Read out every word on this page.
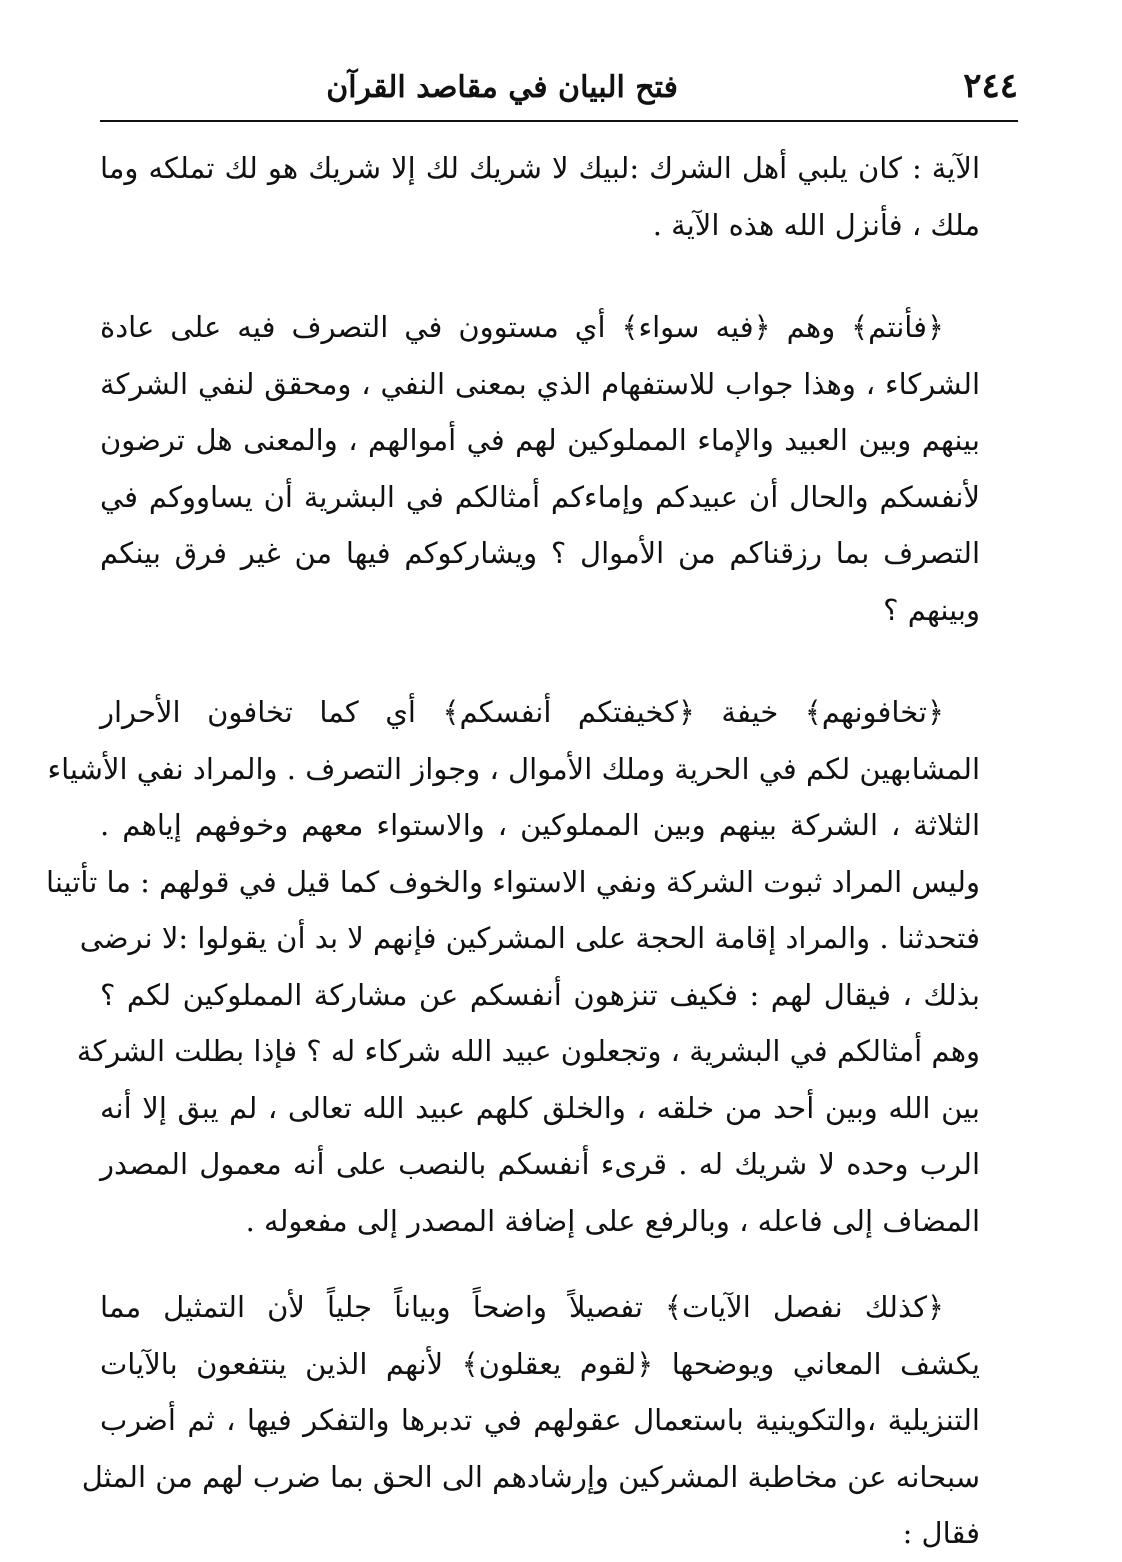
٢٤٤
فتح البيان في مقاصد القرآن
الآية : كان يلبي أهل الشرك :لبيك لا شريك لك إلا شريك هو لك تملكه وما
ملك ، فأنزل الله هذه الآية .
﴿فأنتم﴾ وهم ﴿فيه سواء﴾ أي مستوون في التصرف فيه على عادة
الشركاء ، وهذا جواب للاستفهام الذي بمعنى النفي ، ومحقق لنفي الشركة
بينهم وبين العبيد والإماء المملوكين لهم في أموالهم ، والمعنى هل ترضون
لأنفسكم والحال أن عبيدكم وإماءكم أمثالكم في البشرية أن يساووكم في
التصرف بما رزقناكم من الأموال ؟ ويشاركوكم فيها من غير فرق بينكم
وبينهم ؟
﴿تخافونهم﴾ خيفة ﴿كخيفتكم أنفسكم﴾ أي كما تخافون الأحرار
المشابهين لكم في الحرية وملك الأموال ، وجواز التصرف . والمراد نفي الأشياء
الثلاثة ، الشركة بينهم وبين المملوكين ، والاستواء معهم وخوفهم إياهم .
وليس المراد ثبوت الشركة ونفي الاستواء والخوف كما قيل في قولهم : ما تأتينا
فتحدثنا . والمراد إقامة الحجة على المشركين فإنهم لا بد أن يقولوا :لا نرضى
بذلك ، فيقال لهم : فكيف تنزهون أنفسكم عن مشاركة المملوكين لكم ؟
وهم أمثالكم في البشرية ، وتجعلون عبيد الله شركاء له ؟ فإذا بطلت الشركة
بين الله وبين أحد من خلقه ، والخلق كلهم عبيد الله تعالى ، لم يبق إلا أنه
الرب وحده لا شريك له . قرىء أنفسكم بالنصب على أنه معمول المصدر
المضاف إلى فاعله ، وبالرفع على إضافة المصدر إلى مفعوله .
﴿كذلك نفصل الآيات﴾ تفصيلاً واضحاً وبياناً جلياً لأن التمثيل مما
يكشف المعاني ويوضحها ﴿لقوم يعقلون﴾ لأنهم الذين ينتفعون بالآيات
التنزيلية ،والتكوينية باستعمال عقولهم في تدبرها والتفكر فيها ، ثم أضرب
سبحانه عن مخاطبة المشركين وإرشادهم الى الحق بما ضرب لهم من المثل
فقال :
